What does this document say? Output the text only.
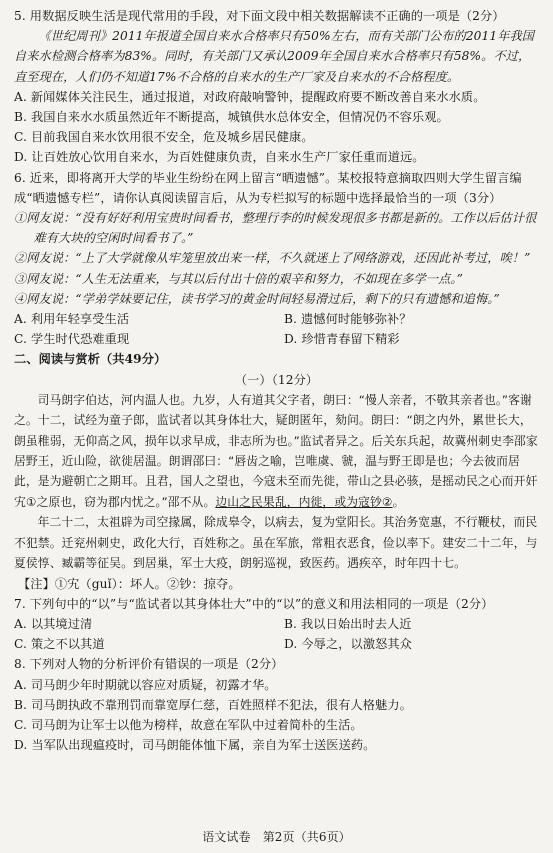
5. 用数据反映生活是现代常用的手段，对下面文段中相关数据解读不正确的一项是（2分）

《世纪周刊》2011年报道全国自来水合格率只有50%左右，而有关部门公布的2011年我国自来水检测合格率为83%。同时，有关部门又承认2009年全国自来水合格率只有58%。不过，直至现在，人们仍不知道17%不合格的自来水的生产厂家及自来水的不合格程度。

A. 新闻媒体关注民生，通过报道，对政府敲响警钟，提醒政府要不断改善自来水水质。

B. 我国自来水水质虽然近年不断提高，城镇供水总体安全，但情况仍不容乐观。

C. 目前我国自来水饮用很不安全，危及城乡居民健康。

D. 让百姓放心饮用自来水，为百姓健康负责，自来水生产厂家任重而道远。

6. 近来，即将离开大学的毕业生纷纷在网上留言“晒遗憾”。某校报特意摘取四则大学生留言编成“晒遗憾专栏”，请你认真阅读留言后，从为专栏拟写的标题中选择最恰当的一项（3分）

①网友说：“没有好好利用宝贵时间看书，整理行李的时候发现很多书都是新的。工作以后估计很难有大块的空闲时间看书了。”

②网友说：“上了大学就像从牢笼里放出来一样，不久就迷上了网络游戏，还因此补考过，唉！”

③网友说：“人生无法重来，与其以后付出十倍的艰辛和努力，不如现在多学一点。”

④网友说：“学弟学妹要记住，读书学习的黄金时间轻易滑过后，剩下的只有遗憾和追悔。”

A. 利用年轻享受生活	B. 遗憾何时能够弥补？
C. 学生时代恐难重现	D. 珍惜青春留下精彩

二、阅读与赏析（共49分）

（一）（12分）

司马朗字伯达，河内温人也。九岁，人有道其父字者，朗曰：“慢人亲者，不敬其亲者也。”客谢之。十二，试经为童子郎，监试者以其身体壮大，疑朗匿年，劾问。朗曰：“朗之内外，累世长大，朗虽稚弱，无仰高之风，损年以求早成，非志所为也。”监试者异之。后关东兵起，故冀州刺史李邵家居野王，近山险，欲徙居温。朗谓邵曰：“唇齿之喻，岂唯虞、虢，温与野王即是也；今去彼而居此，是为避朝亡之期耳。且君，国人之望也，今寇未至而先徙，带山之县必骇，是摇动民之心而开奸宄①之原也，窃为郡内忧之。”邵不从。边山之民果乱，内徙，或为寇钞②。

年二十二，太祖辟为司空掾属，除成皋令，以病去，复为堂阳长。其治务宽惠，不行鞭杖，而民不犯禁。迁兖州刺史，政化大行，百姓称之。虽在军旅，常粗衣恶食，俭以率下。建安二十二年，与夏侯惇、臧霸等征吴。到居巢，军士大疫，朗躬巡视，致医药。遇疾卒，时年四十七。

【注】①宄（guǐ）：坏人。②钞：掠夺。

7. 下列句中的“以”与“监试者以其身体壮大”中的“以”的意义和用法相同的一项是（2分）

A. 以其境过清	B. 我以日始出时去人近
C. 策之不以其道	D. 今辱之，以激怒其众

8. 下列对人物的分析评价有错误的一项是（2分）

A. 司马朗少年时期就以容应对质疑，初露才华。

B. 司马朗执政不靠刑罚而靠宽厚仁慈，百姓照样不犯法，很有人格魅力。

C. 司马朗为让军士以他为榜样，故意在军队中过着简朴的生活。

D. 当军队出现瘟疫时，司马朗能体恤下属，亲自为军士送医送药。

语文试卷　第2页（共6页）
